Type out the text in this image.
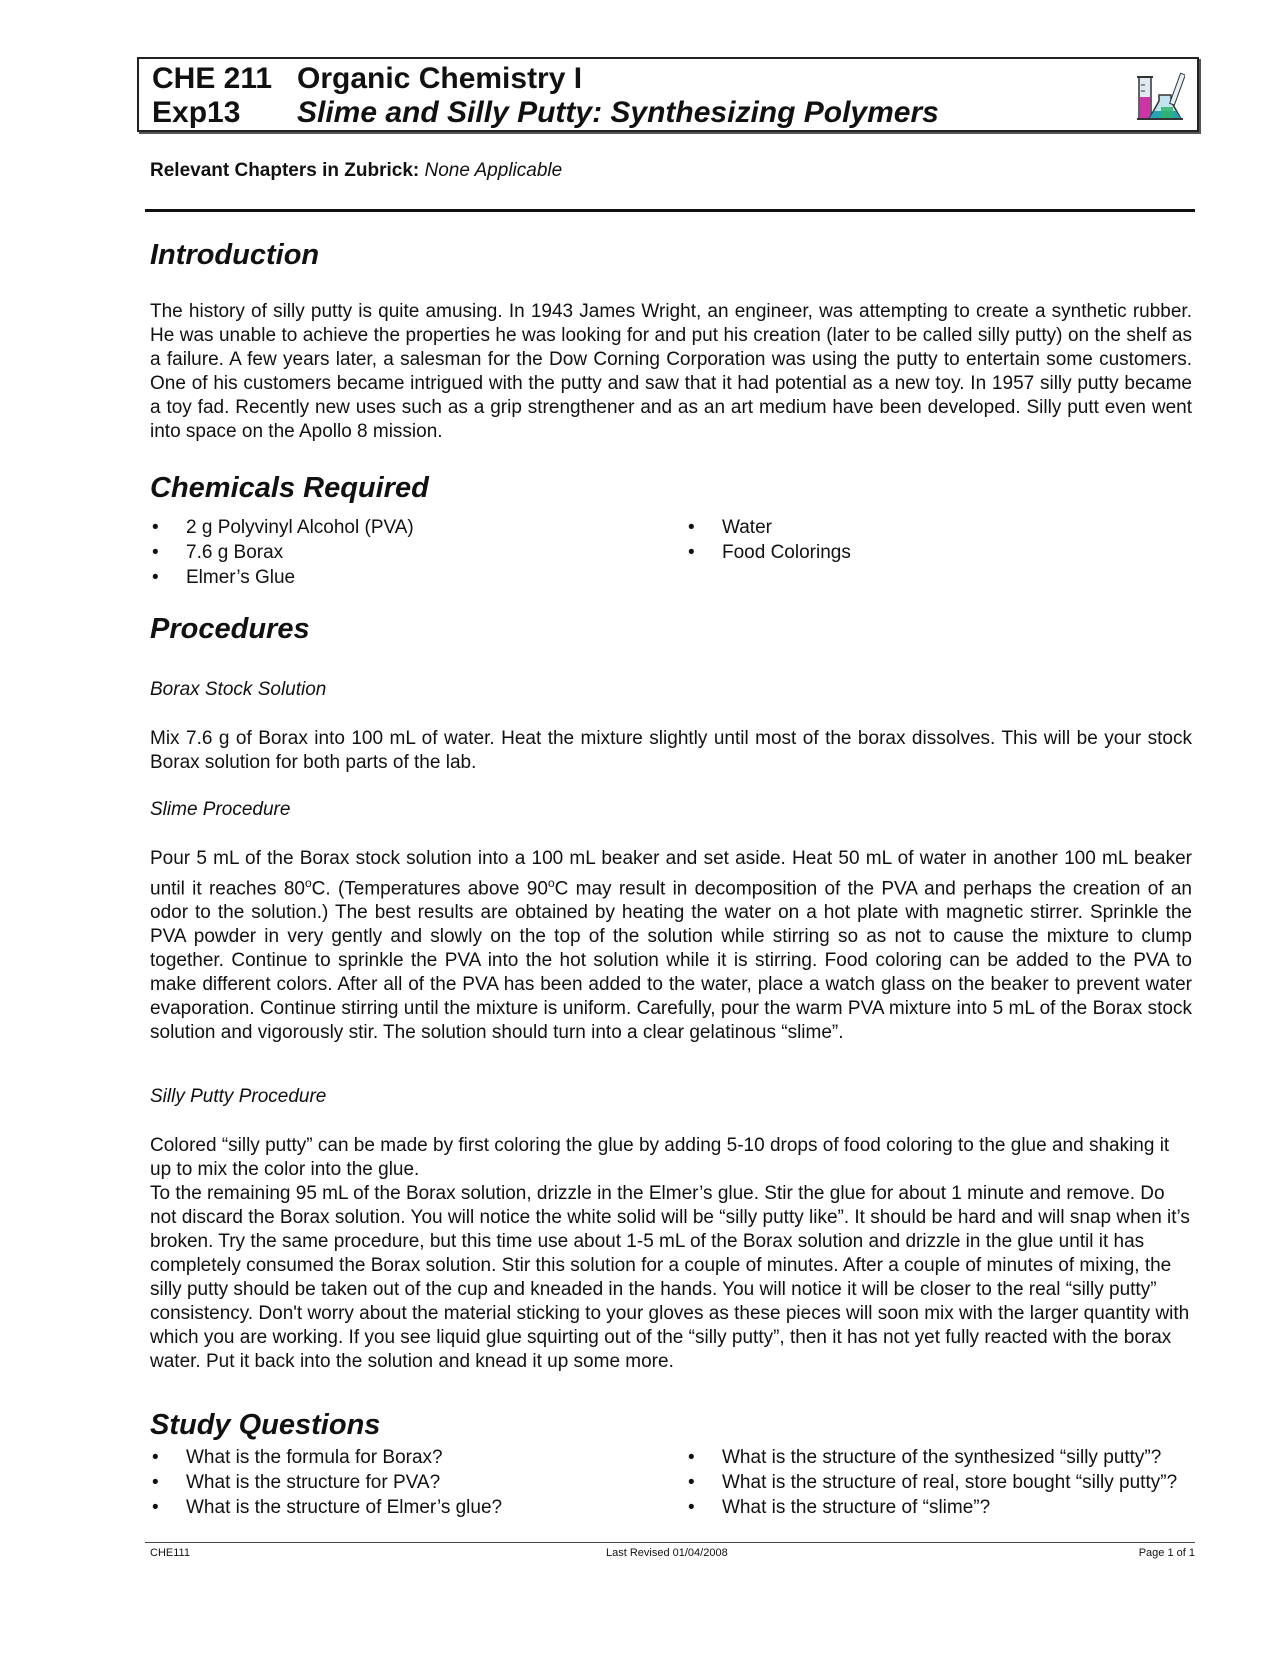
CHE 211 Organic Chemistry I
Exp13 Slime and Silly Putty: Synthesizing Polymers
Relevant Chapters in Zubrick: None Applicable
Introduction

The history of silly putty is quite amusing. In 1943 James Wright, an engineer, was attempting to create a synthetic rubber. He was unable to achieve the properties he was looking for and put his creation (later to be called silly putty) on the shelf as a failure. A few years later, a salesman for the Dow Corning Corporation was using the putty to entertain some customers. One of his customers became intrigued with the putty and saw that it had potential as a new toy. In 1957 silly putty became a toy fad. Recently new uses such as a grip strengthener and as an art medium have been developed. Silly putt even went into space on the Apollo 8 mission.

Chemicals Required
• 2 g Polyvinyl Alcohol (PVA)
• 7.6 g Borax
• Elmer’s Glue
• Water
• Food Colorings
Procedures
Borax Stock Solution

Mix 7.6 g of Borax into 100 mL of water. Heat the mixture slightly until most of the borax dissolves. This will be your stock Borax solution for both parts of the lab.

Slime Procedure

Pour 5 mL of the Borax stock solution into a 100 mL beaker and set aside. Heat 50 mL of water in another 100 mL beaker until it reaches 80$^o$C. (Temperatures above 90$^o$C may result in decomposition of the PVA and perhaps the creation of an odor to the solution.) The best results are obtained by heating the water on a hot plate with magnetic stirrer. Sprinkle the PVA powder in very gently and slowly on the top of the solution while stirring so as not to cause the mixture to clump together. Continue to sprinkle the PVA into the hot solution while it is stirring. Food coloring can be added to the PVA to make different colors. After all of the PVA has been added to the water, place a watch glass on the beaker to prevent water evaporation. Continue stirring until the mixture is uniform. Carefully, pour the warm PVA mixture into 5 mL of the Borax stock solution and vigorously stir. The solution should turn into a clear gelatinous “slime”.

Silly Putty Procedure

Colored “silly putty” can be made by first coloring the glue by adding 5-10 drops of food coloring to the glue and shaking it up to mix the color into the glue.
To the remaining 95 mL of the Borax solution, drizzle in the Elmer’s glue. Stir the glue for about 1 minute and remove. Do not discard the Borax solution. You will notice the white solid will be “silly putty like”. It should be hard and will snap when it’s broken. Try the same procedure, but this time use about 1-5 mL of the Borax solution and drizzle in the glue until it has completely consumed the Borax solution. Stir this solution for a couple of minutes. After a couple of minutes of mixing, the silly putty should be taken out of the cup and kneaded in the hands. You will notice it will be closer to the real “silly putty” consistency. Don't worry about the material sticking to your gloves as these pieces will soon mix with the larger quantity with which you are working. If you see liquid glue squirting out of the “silly putty”, then it has not yet fully reacted with the borax water. Put it back into the solution and knead it up some more.

Study Questions
• What is the formula for Borax?
• What is the structure for PVA?
• What is the structure of Elmer’s glue?
• What is the structure of the synthesized “silly putty”?
• What is the structure of real, store bought “silly putty”?
• What is the structure of “slime”?
CHE111	Last Revised 01/04/2008	Page 1 of 1
